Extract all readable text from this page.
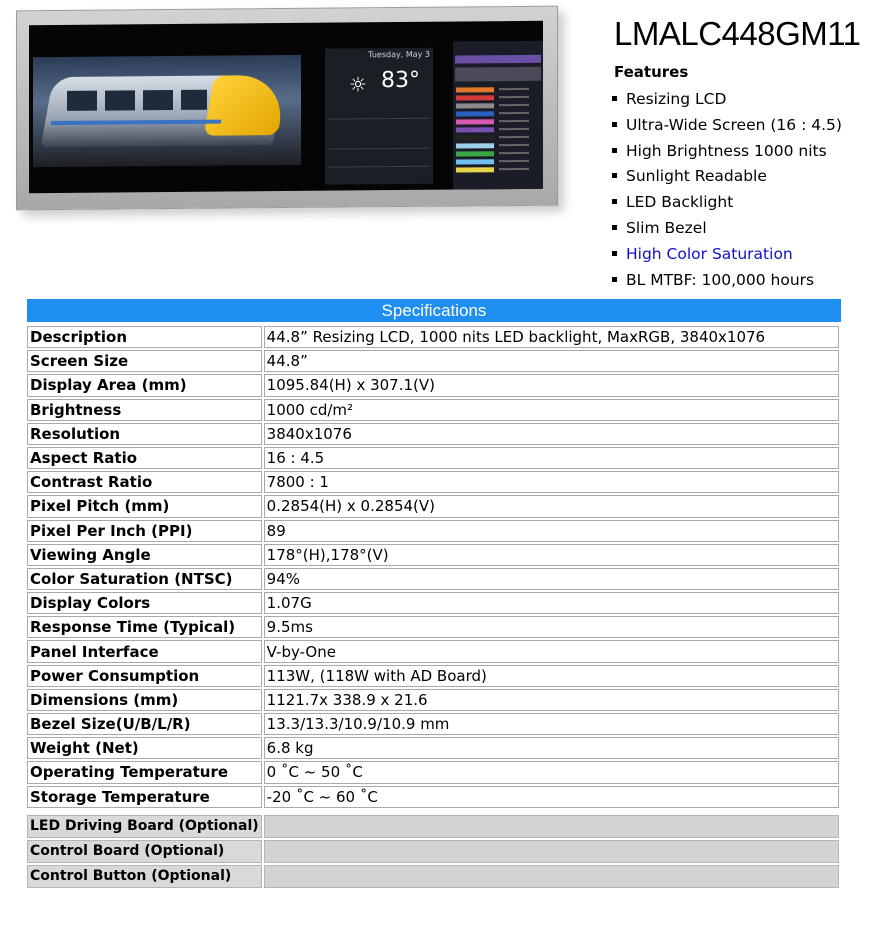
Tuesday, May 3
☼ 83°
LMALC448GM11
Features
Resizing LCD
Ultra-Wide Screen (16 : 4.5)
High Brightness 1000 nits
Sunlight Readable
LED Backlight
Slim Bezel
High Color Saturation
BL MTBF: 100,000 hours
Specifications
Description	44.8” Resizing LCD, 1000 nits LED backlight, MaxRGB, 3840x1076
Screen Size	44.8”
Display Area (mm)	1095.84(H) x 307.1(V)
Brightness	1000 cd/m²
Resolution	3840x1076
Aspect Ratio	16 : 4.5
Contrast Ratio	7800 : 1
Pixel Pitch (mm)	0.2854(H) x 0.2854(V)
Pixel Per Inch (PPI)	89
Viewing Angle	178°(H),178°(V)
Color Saturation (NTSC)	94%
Display Colors	1.07G
Response Time (Typical)	9.5ms
Panel Interface	V-by-One
Power Consumption	113W, (118W with AD Board)
Dimensions (mm)	1121.7x 338.9 x 21.6
Bezel Size(U/B/L/R)	13.3/13.3/10.9/10.9 mm
Weight (Net)	6.8 kg
Operating Temperature	0 ˚C ~ 50 ˚C
Storage Temperature	-20 ˚C ~ 60 ˚C

LED Driving Board (Optional)	
Control Board (Optional)	
Control Button (Optional)	
